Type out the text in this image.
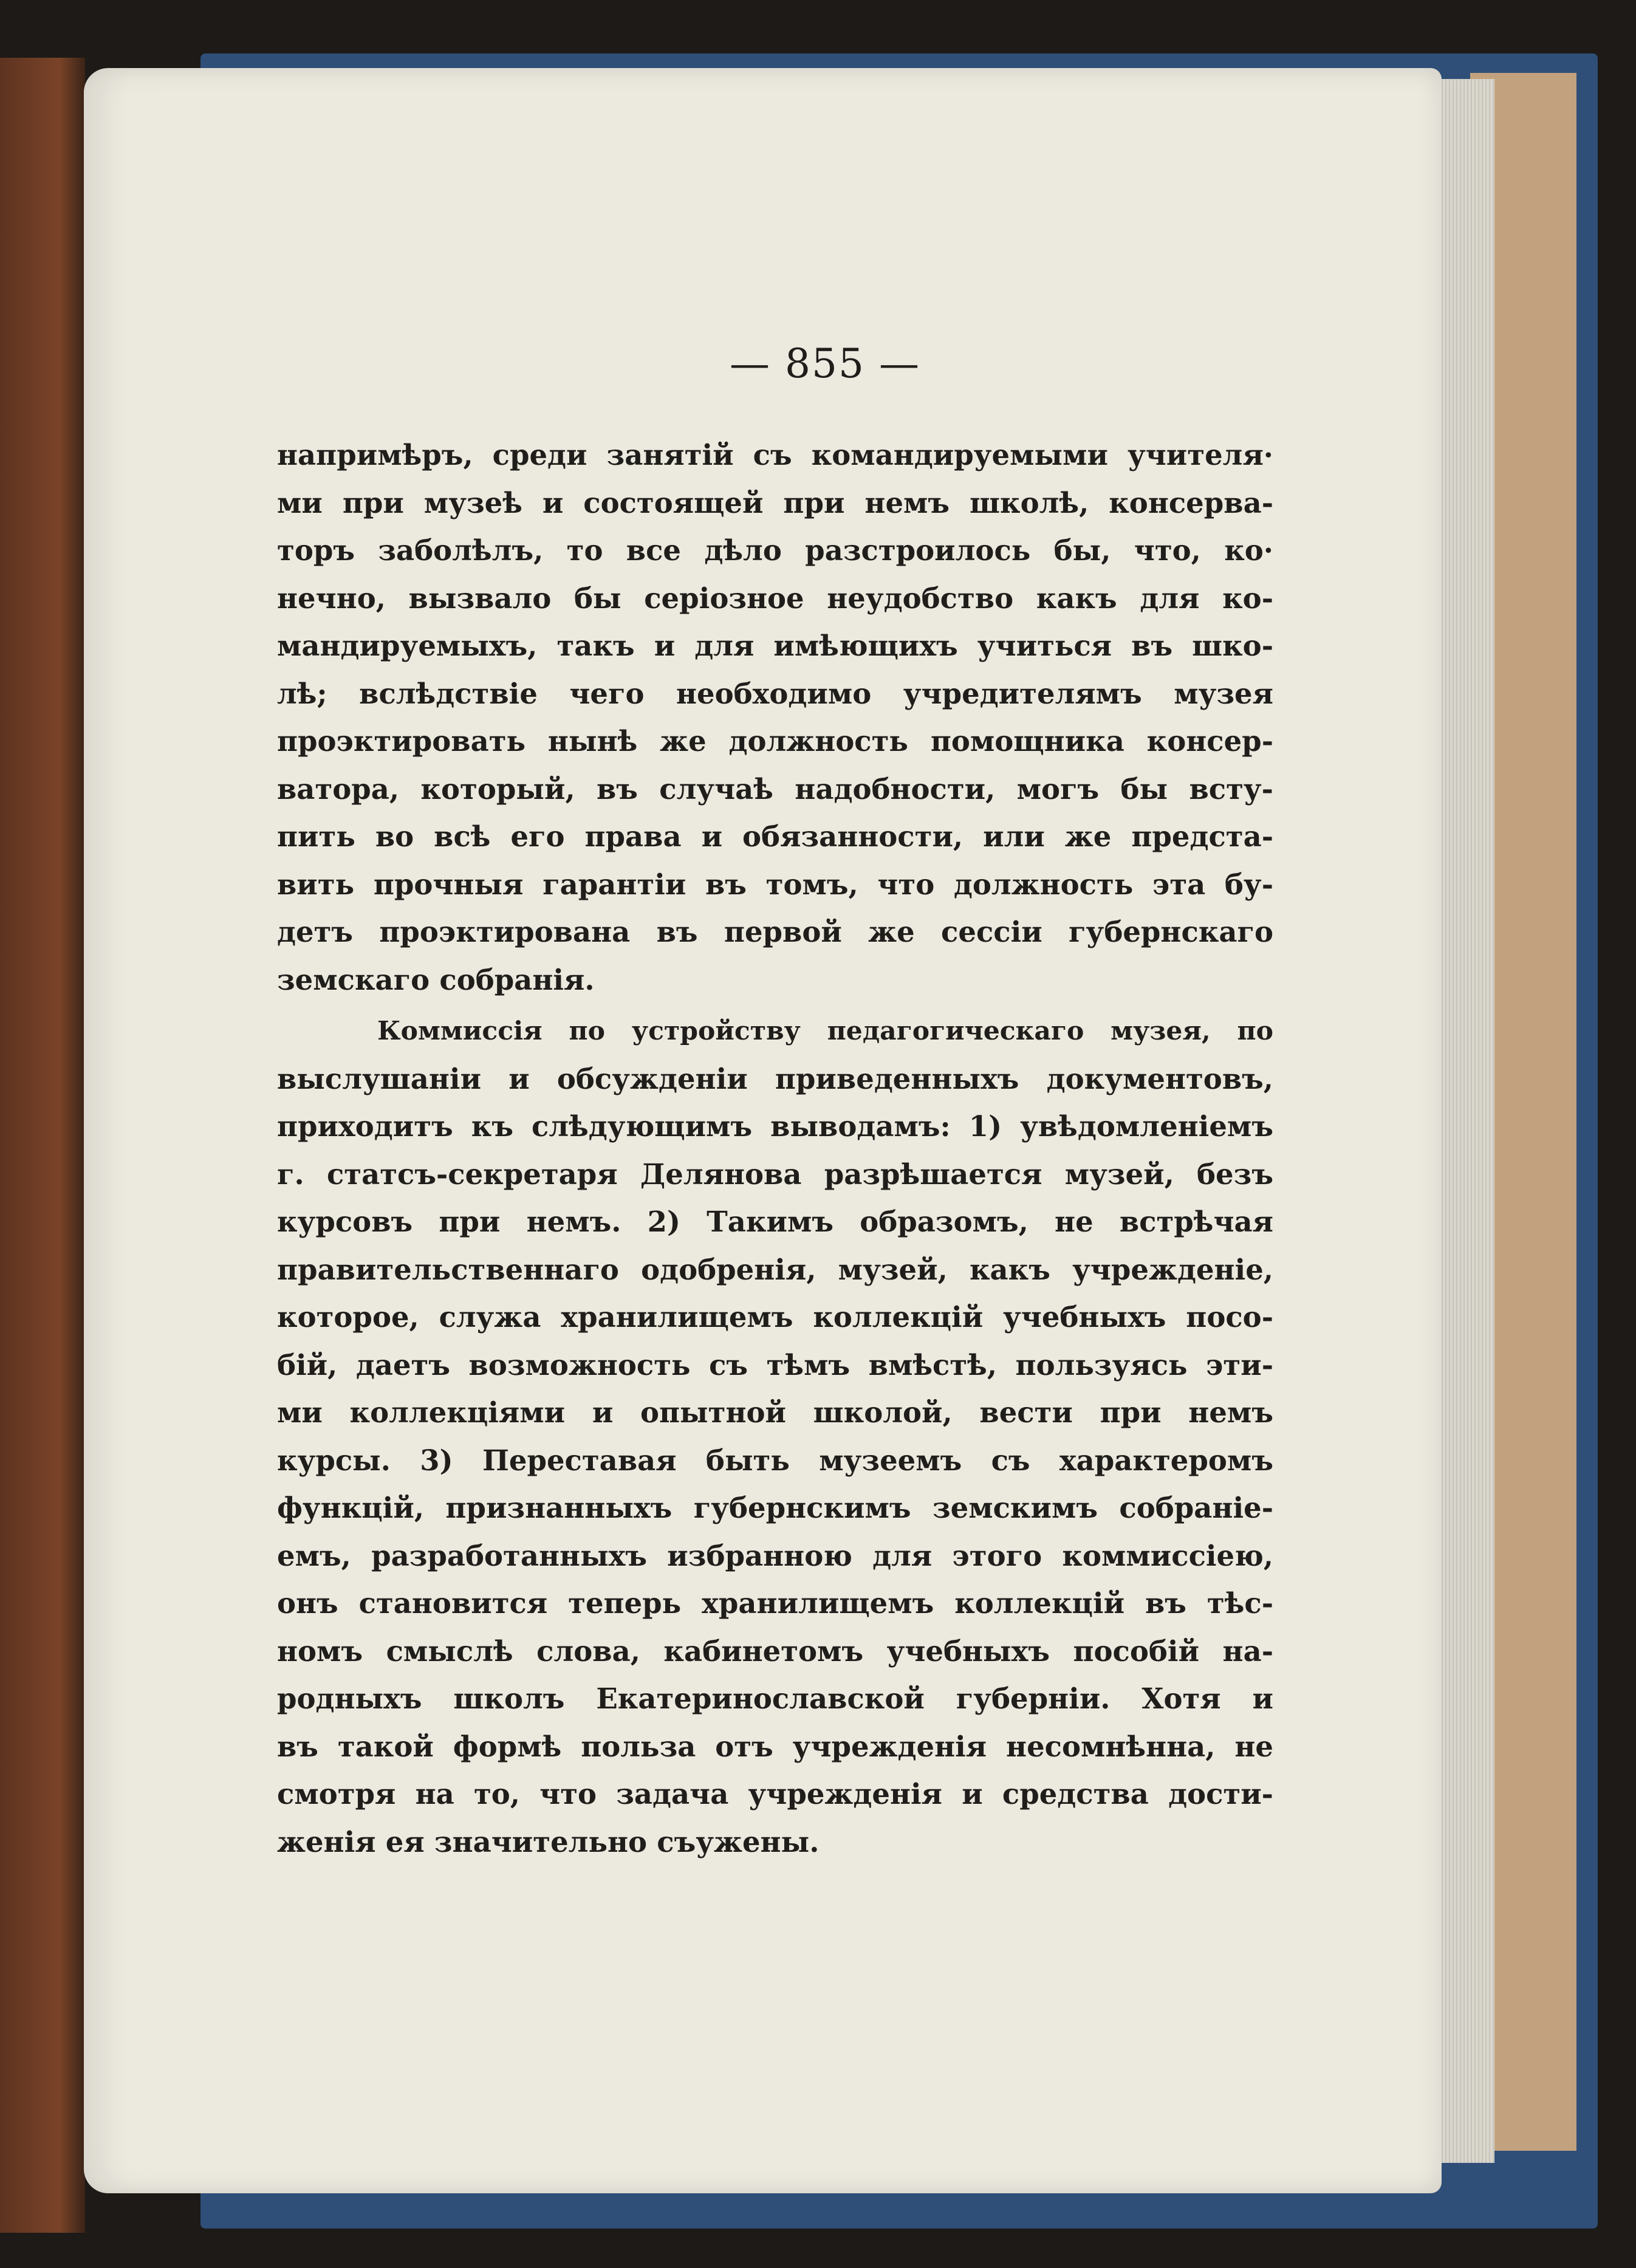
— 855 —
напримѣръ, среди занятій съ командируемыми учителя·
ми при музеѣ и состоящей при немъ школѣ, консерва-
торъ заболѣлъ, то все дѣло разстроилось бы, что, ко·
нечно, вызвало бы серіозное неудобство какъ для ко-
мандируемыхъ, такъ и для имѣющихъ учиться въ шко-
лѣ; вслѣдствіе чего необходимо учредителямъ музея
проэктировать нынѣ же должность помощника консер-
ватора, который, въ случаѣ надобности, могъ бы всту-
пить во всѣ его права и обязанности, или же предста-
вить прочныя гарантіи въ томъ, что должность эта бу-
детъ проэктирована въ первой же сессіи губернскаго
земскаго собранія.
Коммиссія по устройству педагогическаго музея, по
выслушаніи и обсужденіи приведенныхъ документовъ,
приходитъ къ слѣдующимъ выводамъ: 1) увѣдомленіемъ
г. статсъ-секретаря Делянова разрѣшается музей, безъ
курсовъ при немъ. 2) Такимъ образомъ, не встрѣчая
правительственнаго одобренія, музей, какъ учрежденіе,
которое, служа хранилищемъ коллекцій учебныхъ посо-
бій, даетъ возможность съ тѣмъ вмѣстѣ, пользуясь эти-
ми коллекціями и опытной школой, вести при немъ
курсы. 3) Переставая быть музеемъ съ характеромъ
функцій, признанныхъ губернскимъ земскимъ собраніе-
емъ, разработанныхъ избранною для этого коммиссіею,
онъ становится теперь хранилищемъ коллекцій въ тѣс-
номъ смыслѣ слова, кабинетомъ учебныхъ пособій на-
родныхъ школъ Екатеринославской губерніи. Хотя и
въ такой формѣ польза отъ учрежденія несомнѣнна, не
смотря на то, что задача учрежденія и средства дости-
женія ея значительно съужены.
